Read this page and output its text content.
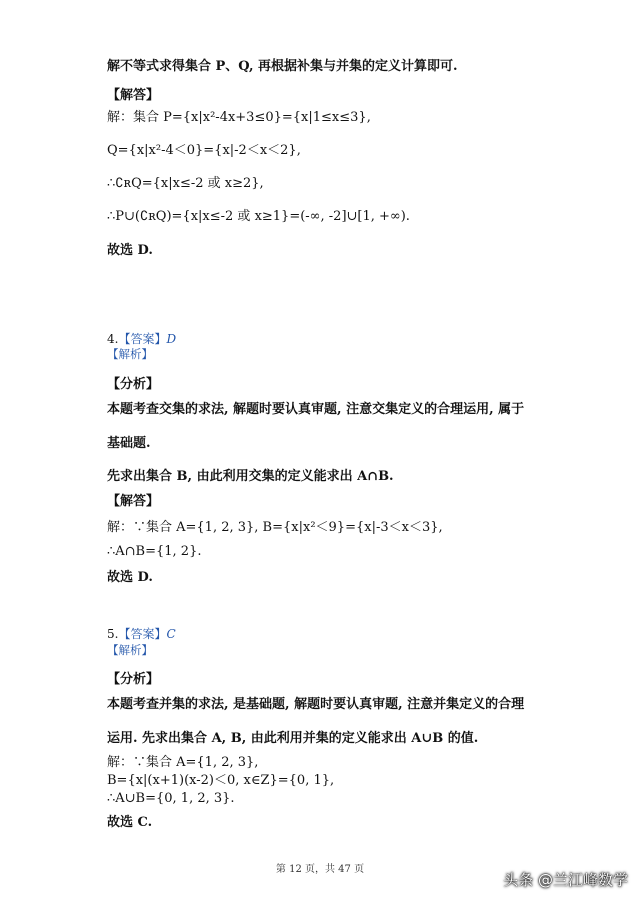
解不等式求得集合 P、Q, 再根据补集与并集的定义计算即可.
【解答】
解：集合 P={x|x²-4x+3≤0}={x|1≤x≤3},
Q={x|x²-4＜0}={x|-2＜x＜2},
∴∁ʀQ={x|x≤-2 或 x≥2},
∴P∪(∁ʀQ)={x|x≤-2 或 x≥1}=(-∞, -2]∪[1, +∞).
故选 D.
4.【答案】D
【解析】
【分析】
本题考查交集的求法, 解题时要认真审题, 注意交集定义的合理运用, 属于
基础题.
先求出集合 B, 由此利用交集的定义能求出 A∩B.
【解答】
解：∵集合 A={1, 2, 3}, B={x|x²＜9}={x|-3＜x＜3},
∴A∩B={1, 2}.
故选 D.
5.【答案】C
【解析】
【分析】
本题考查并集的求法, 是基础题, 解题时要认真审题, 注意并集定义的合理
运用. 先求出集合 A, B, 由此利用并集的定义能求出 A∪B 的值.
解：∵集合 A={1, 2, 3},
B={x|(x+1)(x-2)＜0, x∈Z}={0, 1},
∴A∪B={0, 1, 2, 3}.
故选 C.
第 12 页，共 47 页
头条 @兰江峰数学
